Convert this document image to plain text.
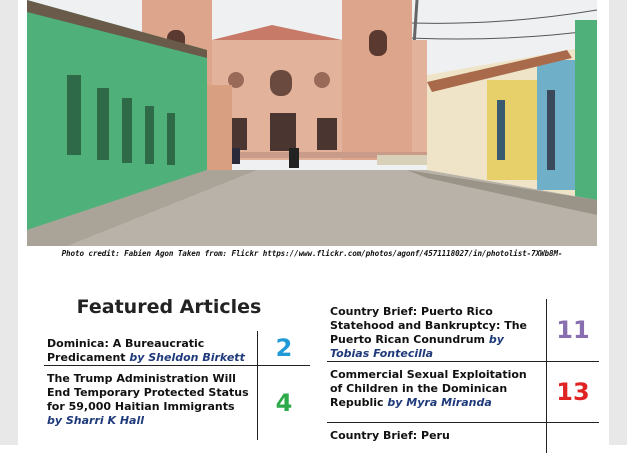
Photo credit: Fabien Agon Taken from: Flickr https://www.flickr.com/photos/agonf/4571118027/in/photolist-7XWb8M-
Featured Articles
Dominica: A Bureaucratic Predicament by Sheldon Birkett	2
The Trump Administration Will End Temporary Protected Status for 59,000 Haitian Immigrants by Sharri K Hall
4
Country Brief: Puerto Rico Statehood and Bankruptcy: The Puerto Rican Conundrum by Tobias Fontecilla
11
Commercial Sexual Exploitation of Children in the Dominican Republic by Myra Miranda	13
Country Brief: Peru
